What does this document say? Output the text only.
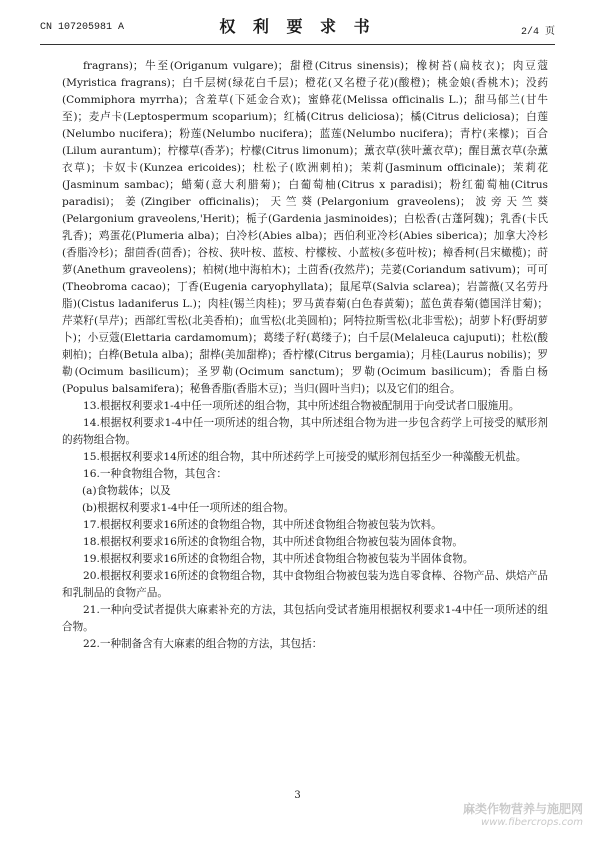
CN 107205981 A	权 利 要 求 书	2/4 页

fragrans)；牛至(Origanum vulgare)；甜橙(Citrus sinensis)；橡树苔(扁枝衣)；肉豆蔻(Myristica fragrans)；白千层树(绿花白千层)；橙花(又名橙子花)(酸橙)；桃金娘(香桃木)；没药(Commiphora myrrha)；含羞草(下延金合欢)；蜜蜂花(Melissa officinalis L.)；甜马郁兰(甘牛至)；麦卢卡(Leptospermum scoparium)；红橘(Citrus deliciosa)；橘(Citrus deliciosa)；白莲(Nelumbo nucifera)；粉莲(Nelumbo nucifera)；蓝莲(Nelumbo nucifera)；青柠(来檬)；百合(Lilum aurantum)；柠檬草(香茅)；柠檬(Citrus limonum)；薰衣草(狭叶薰衣草)；醒目薰衣草(杂薰衣草)；卡奴卡(Kunzea ericoides)；杜松子(欧洲刺柏)；茉莉(Jasminum officinale)；茉莉花(Jasminum sambac)；蜡菊(意大利腊菊)；白葡萄柚(Citrus x paradisi)；粉红葡萄柚(Citrus paradisi)；姜(Zingiber officinalis)；天竺葵(Pelargonium graveolens)；波旁天竺葵(Pelargonium graveolens,'Herit)；栀子(Gardenia jasminoides)；白松香(古蓬阿魏)；乳香(卡氏乳香)；鸡蛋花(Plumeria alba)；白冷杉(Abies alba)；西伯利亚冷杉(Abies siberica)；加拿大冷杉(香脂冷杉)；甜茴香(茴香)；谷桉、狭叶桉、蓝桉、柠檬桉、小蓝桉(多苞叶桉)；樟香柯(吕宋橄榄)；莳萝(Anethum graveolens)；柏树(地中海柏木)；土茴香(孜然芹)；芫荽(Coriandum sativum)；可可(Theobroma cacao)；丁香(Eugenia caryophyllata)；鼠尾草(Salvia sclarea)；岩蔷薇(又名劳丹脂)(Cistus ladaniferus L.)；肉桂(锡兰肉桂)；罗马黄春菊(白色春黄菊)；蓝色黄春菊(德国洋甘菊)；芹菜籽(旱芹)；西部红雪松(北美香柏)；血雪松(北美圆柏)；阿特拉斯雪松(北非雪松)；胡萝卜籽(野胡萝卜)；小豆蔻(Elettaria cardamomum)；葛缕子籽(葛缕子)；白千层(Melaleuca cajuputi)；杜松(酸刺柏)；白桦(Betula alba)；甜桦(美加甜桦)；香柠檬(Citrus bergamia)；月桂(Laurus nobilis)；罗勒(Ocimum basilicum)；圣罗勒(Ocimum sanctum)；罗勒(Ocimum basilicum)；香脂白杨(Populus balsamifera)；秘鲁香脂(香脂木豆)；当归(圆叶当归)；以及它们的组合。

13.根据权利要求1-4中任一项所述的组合物，其中所述组合物被配制用于向受试者口服施用。

14.根据权利要求1-4中任一项所述的组合物，其中所述组合物为进一步包含药学上可接受的赋形剂的药物组合物。

15.根据权利要求14所述的组合物，其中所述药学上可接受的赋形剂包括至少一种藻酸无机盐。

16.一种食物组合物，其包含：

(a)食物载体；以及

(b)根据权利要求1-4中任一项所述的组合物。

17.根据权利要求16所述的食物组合物，其中所述食物组合物被包装为饮料。

18.根据权利要求16所述的食物组合物，其中所述食物组合物被包装为固体食物。

19.根据权利要求16所述的食物组合物，其中所述食物组合物被包装为半固体食物。

20.根据权利要求16所述的食物组合物，其中食物组合物被包装为选自零食棒、谷物产品、烘焙产品和乳制品的食物产品。

21.一种向受试者提供大麻素补充的方法，其包括向受试者施用根据权利要求1-4中任一项所述的组合物。

22.一种制备含有大麻素的组合物的方法，其包括：

3
麻类作物营养与施肥网
www.fibercrops.com
